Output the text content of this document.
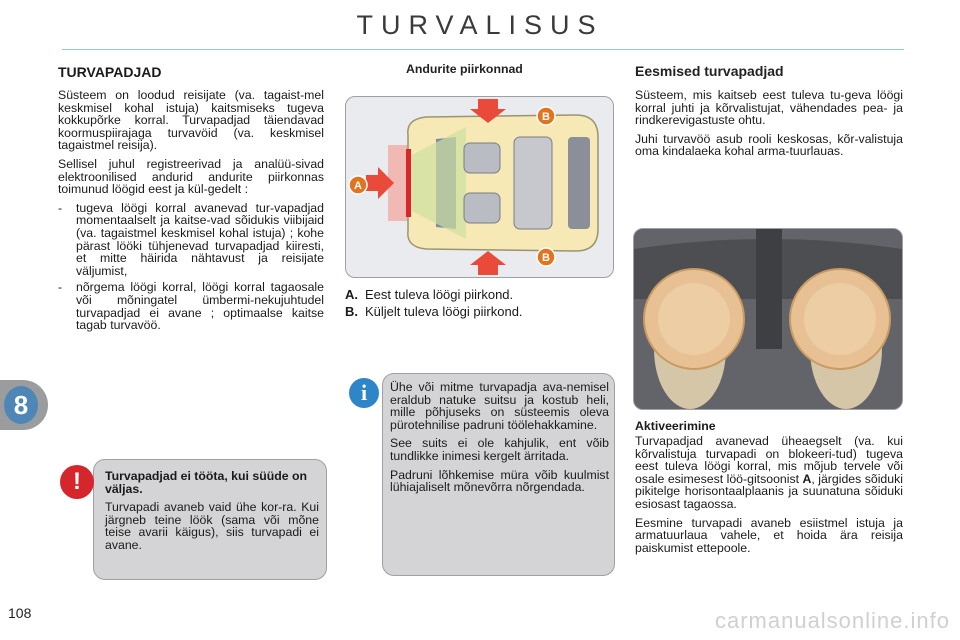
TURVALISUS
TURVAPADJAD

Süsteem on loodud reisijate (va. tagaist-mel keskmisel kohal istuja) kaitsmiseks tugeva kokkupõrke korral. Turvapadjad täiendavad koormuspiirajaga turvavöid (va. keskmisel tagaistmel reisija).

Sellisel juhul registreerivad ja analüü-sivad elektroonilised andurid andurite piirkonnas toimunud löögid eest ja kül-gedelt :

- tugeva löögi korral avanevad tur-vapadjad momentaalselt ja kaitse-vad sõidukis viibijaid (va. tagaistmel keskmisel kohal istuja) ; kohe pärast lööki tühjenevad turvapadjad kiiresti, et mitte häirida nähtavust ja reisijate väljumist,
- nõrgema löögi korral, löögi korral tagaosale või mõningatel ümbermi-nekujuhtudel turvapadjad ei avane ; optimaalse kaitse tagab turvavöö.

Turvapadjad ei tööta, kui süüde on väljas.

Turvapadi avaneb vaid ühe kor-ra. Kui järgneb teine löök (sama või mõne teise avarii käigus), siis turvapadi ei avane.

!
Andurite piirkonnad
B
B
A
A. Eest tuleva löögi piirkond.
B. Küljelt tuleva löögi piirkond.

Ühe või mitme turvapadja ava-nemisel eraldub natuke suitsu ja kostub heli, mille põhjuseks on süsteemis oleva pürotehnilise padruni töölehakkamine.

See suits ei ole kahjulik, ent võib tundlikke inimesi kergelt ärritada.

Padruni lõhkemise müra võib kuulmist lühiajaliselt mõnevõrra nõrgendada.

i
Eesmised turvapadjad

Süsteem, mis kaitseb eest tuleva tu-geva löögi korral juhti ja kõrvalistujat, vähendades pea- ja rindkerevigastuste ohtu.

Juhi turvavöö asub rooli keskosas, kõr-valistuja oma kindalaeka kohal arma-tuurlauas.

Aktiveerimine

Turvapadjad avanevad üheaegselt (va. kui kõrvalistuja turvapadi on blokeeri-tud) tugeva eest tuleva löögi korral, mis mõjub tervele või osale esimesest löö-gitsoonist A, järgides sõiduki pikitelge horisontaalplaanis ja suunatuna sõiduki esiosast tagaossa.

Eesmine turvapadi avaneb esiistmel istuja ja armatuurlaua vahele, et hoida ära reisija paiskumist ettepoole.

8
108	carmanualsonline.info
